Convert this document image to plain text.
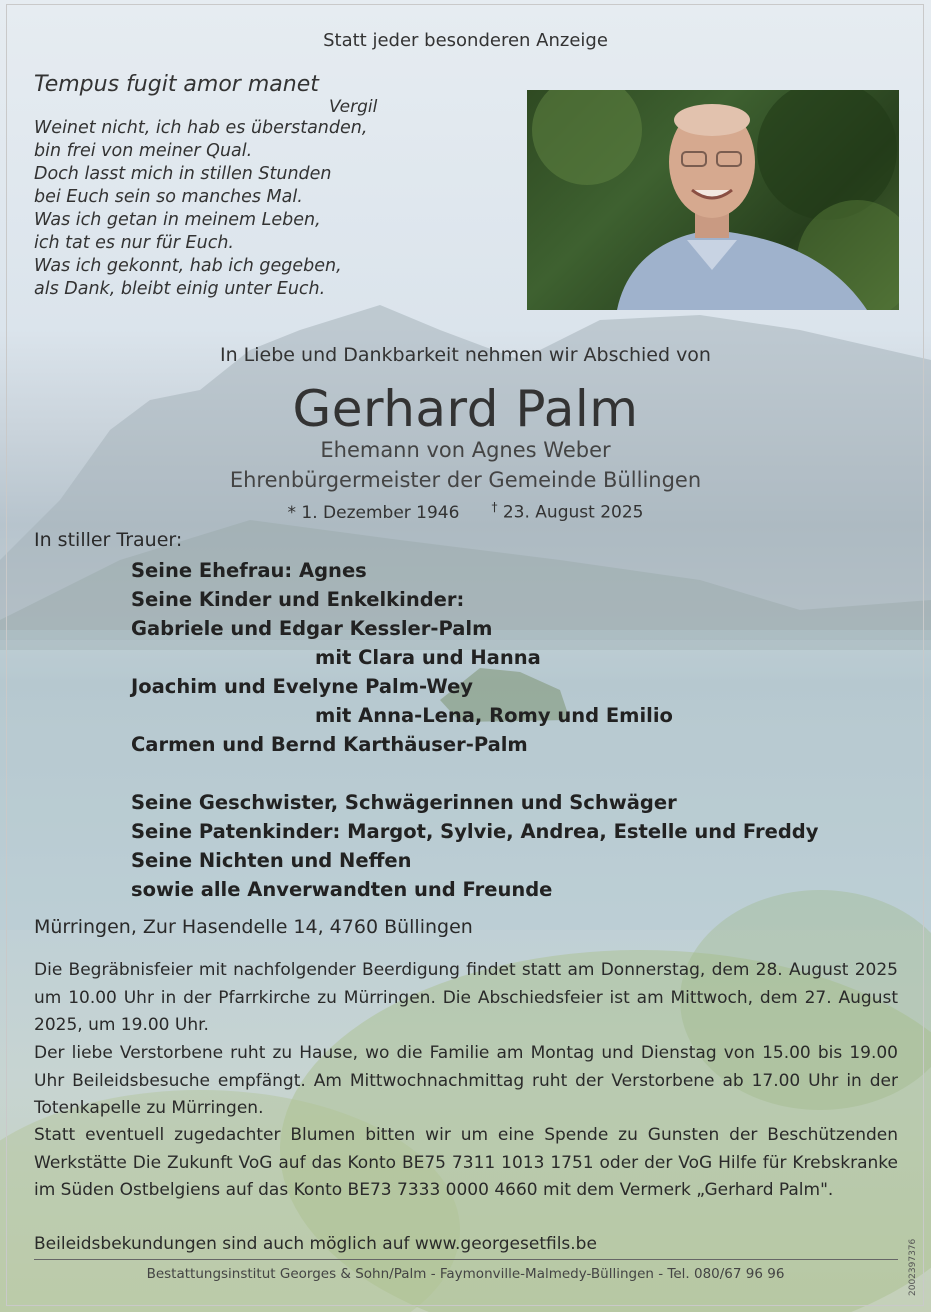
Statt jeder besonderen Anzeige

Tempus fugit amor manet

Vergil

Weinet nicht, ich hab es überstanden,

bin frei von meiner Qual.

Doch lasst mich in stillen Stunden

bei Euch sein so manches Mal.

Was ich getan in meinem Leben,

ich tat es nur für Euch.

Was ich gekonnt, hab ich gegeben,

als Dank, bleibt einig unter Euch.

In Liebe und Dankbarkeit nehmen wir Abschied von
Gerhard Palm
Ehemann von Agnes Weber
Ehrenbürgermeister der Gemeinde Büllingen
* 1. Dezember 1946	† 23. August 2025
In stiller Trauer:

Seine Ehefrau: Agnes

Seine Kinder und Enkelkinder:

Gabriele und Edgar Kessler-Palm

mit Clara und Hanna

Joachim und Evelyne Palm-Wey

mit Anna-Lena, Romy und Emilio

Carmen und Bernd Karthäuser-Palm

Seine Geschwister, Schwägerinnen und Schwäger

Seine Patenkinder: Margot, Sylvie, Andrea, Estelle und Freddy

Seine Nichten und Neffen

sowie alle Anverwandten und Freunde

Mürringen, Zur Hasendelle 14, 4760 Büllingen

Die Begräbnisfeier mit nachfolgender Beerdigung findet statt am Donnerstag, dem 28. August 2025 um 10.00 Uhr in der Pfarrkirche zu Mürringen. Die Abschiedsfeier ist am Mittwoch, dem 27. August 2025, um 19.00 Uhr.

Der liebe Verstorbene ruht zu Hause, wo die Familie am Montag und Dienstag von 15.00 bis 19.00 Uhr Beileidsbesuche empfängt. Am Mittwochnachmittag ruht der Verstorbene ab 17.00 Uhr in der Totenkapelle zu Mürringen.

Statt eventuell zugedachter Blumen bitten wir um eine Spende zu Gunsten der Beschützenden Werkstätte Die Zukunft VoG auf das Konto BE75 7311 1013 1751 oder der VoG Hilfe für Krebskranke im Süden Ostbelgiens auf das Konto BE73 7333 0000 4660 mit dem Vermerk „Gerhard Palm".

Beileidsbekundungen sind auch möglich auf www.georgesetfils.be

Bestattungsinstitut Georges & Sohn/Palm - Faymonville-Malmedy-Büllingen - Tel. 080/67 96 96	2002397376
